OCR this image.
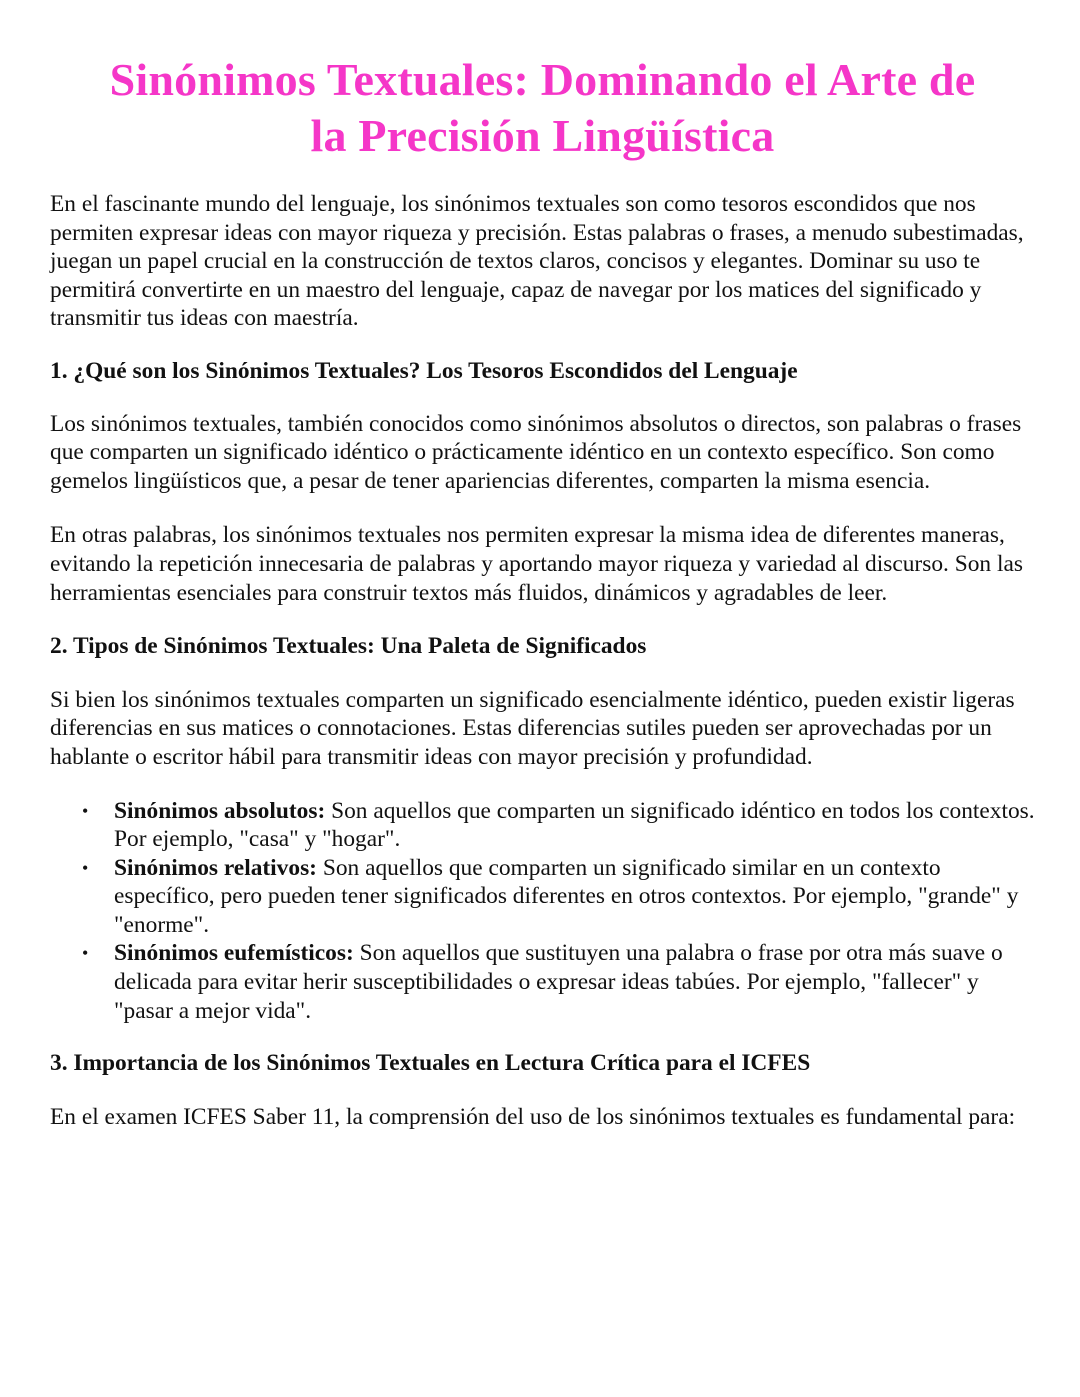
Sinónimos Textuales: Dominando el Arte de
la Precisión Lingüística

En el fascinante mundo del lenguaje, los sinónimos textuales son como tesoros escondidos que nos permiten expresar ideas con mayor riqueza y precisión. Estas palabras o frases, a menudo subestimadas, juegan un papel crucial en la construcción de textos claros, concisos y elegantes. Dominar su uso te permitirá convertirte en un maestro del lenguaje, capaz de navegar por los matices del significado y transmitir tus ideas con maestría.

1. ¿Qué son los Sinónimos Textuales? Los Tesoros Escondidos del Lenguaje

Los sinónimos textuales, también conocidos como sinónimos absolutos o directos, son palabras o frases que comparten un significado idéntico o prácticamente idéntico en un contexto específico. Son como gemelos lingüísticos que, a pesar de tener apariencias diferentes, comparten la misma esencia.

En otras palabras, los sinónimos textuales nos permiten expresar la misma idea de diferentes maneras, evitando la repetición innecesaria de palabras y aportando mayor riqueza y variedad al discurso. Son las herramientas esenciales para construir textos más fluidos, dinámicos y agradables de leer.

2. Tipos de Sinónimos Textuales: Una Paleta de Significados

Si bien los sinónimos textuales comparten un significado esencialmente idéntico, pueden existir ligeras diferencias en sus matices o connotaciones. Estas diferencias sutiles pueden ser aprovechadas por un hablante o escritor hábil para transmitir ideas con mayor precisión y profundidad.

• Sinónimos absolutos: Son aquellos que comparten un significado idéntico en todos los contextos. Por ejemplo, "casa" y "hogar".
• Sinónimos relativos: Son aquellos que comparten un significado similar en un contexto específico, pero pueden tener significados diferentes en otros contextos. Por ejemplo, "grande" y "enorme".
• Sinónimos eufemísticos: Son aquellos que sustituyen una palabra o frase por otra más suave o delicada para evitar herir susceptibilidades o expresar ideas tabúes. Por ejemplo, "fallecer" y "pasar a mejor vida".
3. Importancia de los Sinónimos Textuales en Lectura Crítica para el ICFES

En el examen ICFES Saber 11, la comprensión del uso de los sinónimos textuales es fundamental para:
